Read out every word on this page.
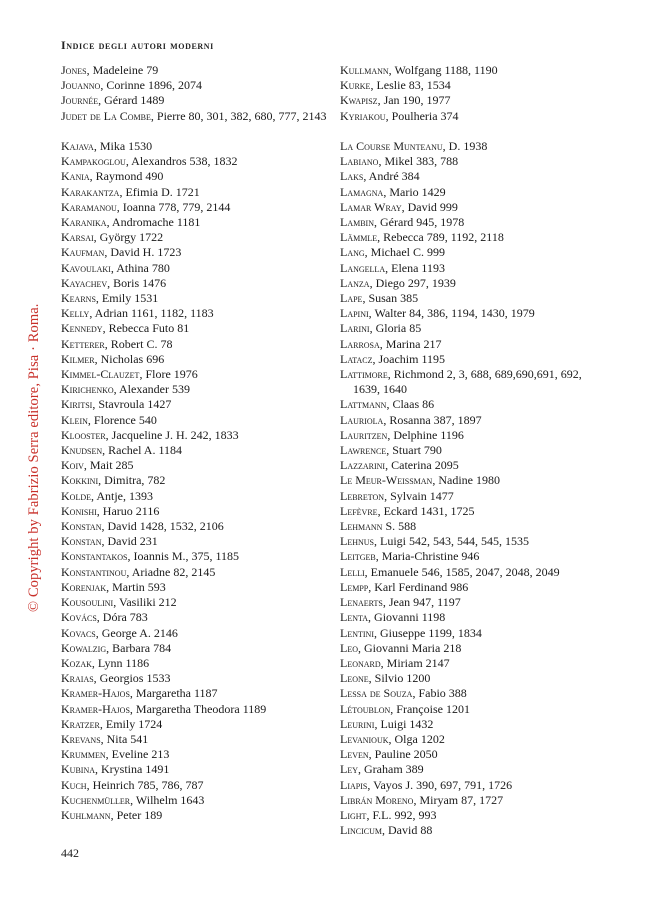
Indice degli autori moderni
Jones, Madeleine 79
Jouanno, Corinne 1896, 2074
Journée, Gérard 1489
Judet de La Combe, Pierre 80, 301, 382, 680, 777, 2143
Kajava, Mika 1530
Kampakoglou, Alexandros 538, 1832
Kania, Raymond 490
Karakantza, Efimia D. 1721
Karamanou, Ioanna 778, 779, 2144
Karanika, Andromache 1181
Karsai, György 1722
Kaufman, David H. 1723
Kavoulaki, Athina 780
Kayachev, Boris 1476
Kearns, Emily 1531
Kelly, Adrian 1161, 1182, 1183
Kennedy, Rebecca Futo 81
Ketterer, Robert C. 78
Kilmer, Nicholas 696
Kimmel-Clauzet, Flore 1976
Kirichenko, Alexander 539
Kiritsi, Stavroula 1427
Klein, Florence 540
Klooster, Jacqueline J. H. 242, 1833
Knudsen, Rachel A. 1184
Koiv, Mait 285
Kokkini, Dimitra, 782
Kolde, Antje, 1393
Konishi, Haruo 2116
Konstan, David 1428, 1532, 2106
Konstan, David 231
Konstantakos, Ioannis M., 375, 1185
Konstantinou, Ariadne 82, 2145
Korenjak, Martin 593
Kousoulini, Vasiliki 212
Kovács, Dóra 783
Kovacs, George A. 2146
Kowalzig, Barbara 784
Kozak, Lynn 1186
Kraias, Georgios 1533
Kramer-Hajos, Margaretha 1187
Kramer-Hajos, Margaretha Theodora 1189
Kratzer, Emily 1724
Krevans, Nita 541
Krummen, Eveline 213
Kubina, Krystina 1491
Kuch, Heinrich 785, 786, 787
Kuchenmüller, Wilhelm 1643
Kuhlmann, Peter 189
Kullmann, Wolfgang 1188, 1190
Kurke, Leslie 83, 1534
Kwapisz, Jan 190, 1977
Kyriakou, Poulheria 374
La Course Munteanu, D. 1938
Labiano, Mikel 383, 788
Laks, André 384
Lamagna, Mario 1429
Lamar Wray, David 999
Lambin, Gérard 945, 1978
Lämmle, Rebecca 789, 1192, 2118
Lang, Michael C. 999
Langella, Elena 1193
Lanza, Diego 297, 1939
Lape, Susan 385
Lapini, Walter 84, 386, 1194, 1430, 1979
Larini, Gloria 85
Larrosa, Marina 217
Latacz, Joachim 1195
Lattimore, Richmond 2, 3, 688, 689,690,691, 692, 1639, 1640
Lattmann, Claas 86
Lauriola, Rosanna 387, 1897
Lauritzen, Delphine 1196
Lawrence, Stuart 790
Lazzarini, Caterina 2095
Le Meur-Weissman, Nadine 1980
Lebreton, Sylvain 1477
Lefèvre, Eckard 1431, 1725
Lehmann S. 588
Lehnus, Luigi 542, 543, 544, 545, 1535
Leitgeb, Maria-Christine 946
Lelli, Emanuele 546, 1585, 2047, 2048, 2049
Lempp, Karl Ferdinand 986
Lenaerts, Jean 947, 1197
Lenta, Giovanni 1198
Lentini, Giuseppe 1199, 1834
Leo, Giovanni Maria 218
Leonard, Miriam 2147
Leone, Silvio 1200
Lessa de Souza, Fabio 388
Létoublon, Françoise 1201
Leurini, Luigi 1432
Levaniouk, Olga 1202
Leven, Pauline 2050
Ley, Graham 389
Liapis, Vayos J. 390, 697, 791, 1726
Librán Moreno, Miryam 87, 1727
Light, F.L. 992, 993
Lincicum, David 88
© Copyright by Fabrizio Serra editore, Pisa · Roma.
442
